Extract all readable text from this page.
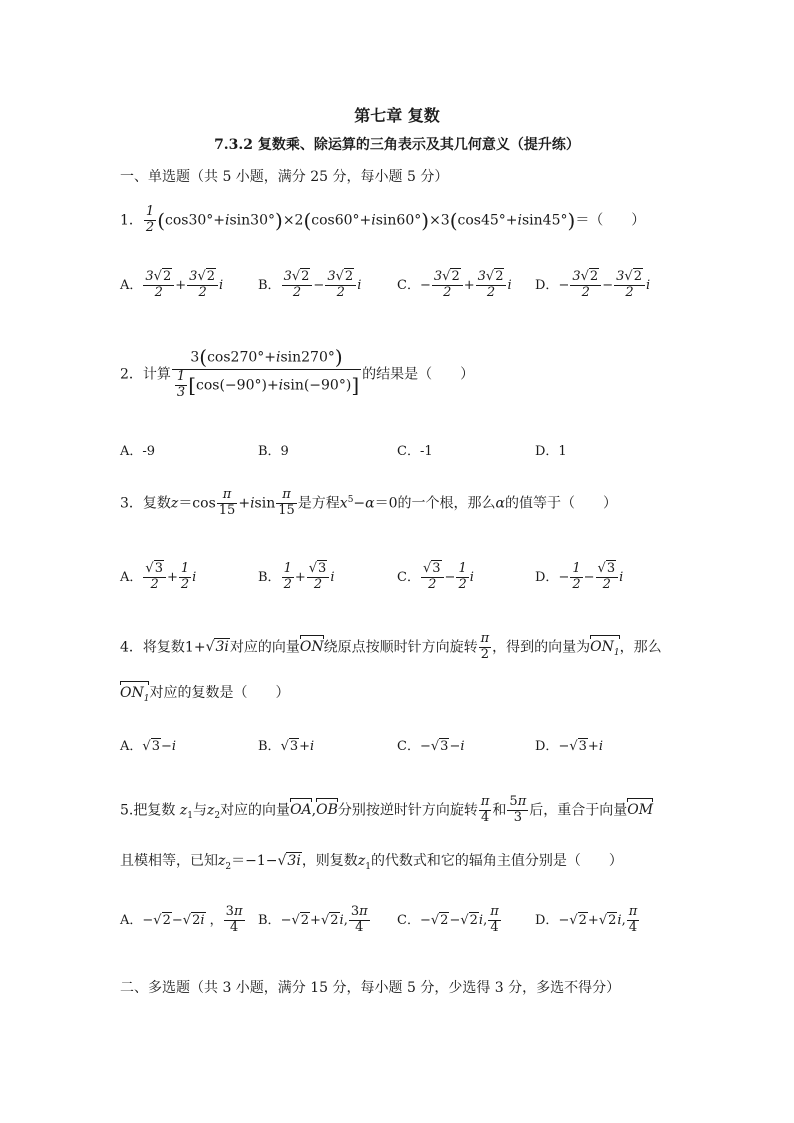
第七章 复数
7.3.2 复数乘、除运算的三角表示及其几何意义（提升练）
一、单选题（共 5 小题，满分 25 分，每小题 5 分）
1． $\frac{1}{2} (\cos 30^\circ+isin30^\circ)\times 2(\cos 60^\circ+isin60^\circ)\times 3(\cos 45^\circ+isin45^\circ)=$（　　）
A． $\frac{3√2}{2} + \frac{3√2}{2}$ i	B． $\frac{3√2}{2} - \frac{3√2}{2}$ i	C．− $\frac{3√2}{2} + \frac{3√2}{2}$ i D．− $\frac{3√2}{2} - \frac{3√2}{2}$ i
2．计算 $\frac{3(\cos 270^\circ+isin270^\circ)}{\frac{1}{3} [\cos(-90^\circ)+isin(-90^\circ)]}$ 的结果是（　　）
A．-9	B．9	C．-1	D．1
3．复数$z=\cos \frac{\pi}{15} +isin \frac{\pi}{15}$ 是方程$x^5-\alpha=0$的一个根，那么α的值等于（　　）
A． $\frac{√3}{2} + \frac{1}{2}$ i	B． $\frac{1}{2} + \frac{√3}{2}$ i	C． $\frac{√3}{2} - \frac{1}{2}$ i	D．− $\frac{1}{2} - \frac{√3}{2}$ i
4．将复数1+√3i对应的向量ON绕原点按顺时针方向旋转 $\frac{\pi}{2}$ ，得到的向量为$ON_1$，那么
$ON_1$对应的复数是（　　）
A．√3−i	B．√3+i	C．−√3−i	D．−√3+i
5.把复数 $z_1$与$z_2$对应的向量OA,OB分别按逆时针方向旋转 $\frac{\pi}{4}$ 和 $\frac{5\pi}{3}$ 后，重合于向量OM
且模相等，已知$z_2=-1-√3i$，则复数$z_1$的代数式和它的辐角主值分别是（　　）
A．−√2−√2i ， $\frac{3\pi}{4}$ B．−√2+√2i, $\frac{3\pi}{4}$ C．−√2−√2i, $\frac{\pi}{4}$	D．−√2+√2i, $\frac{\pi}{4}$
二、多选题（共 3 小题，满分 15 分，每小题 5 分，少选得 3 分，多选不得分）
